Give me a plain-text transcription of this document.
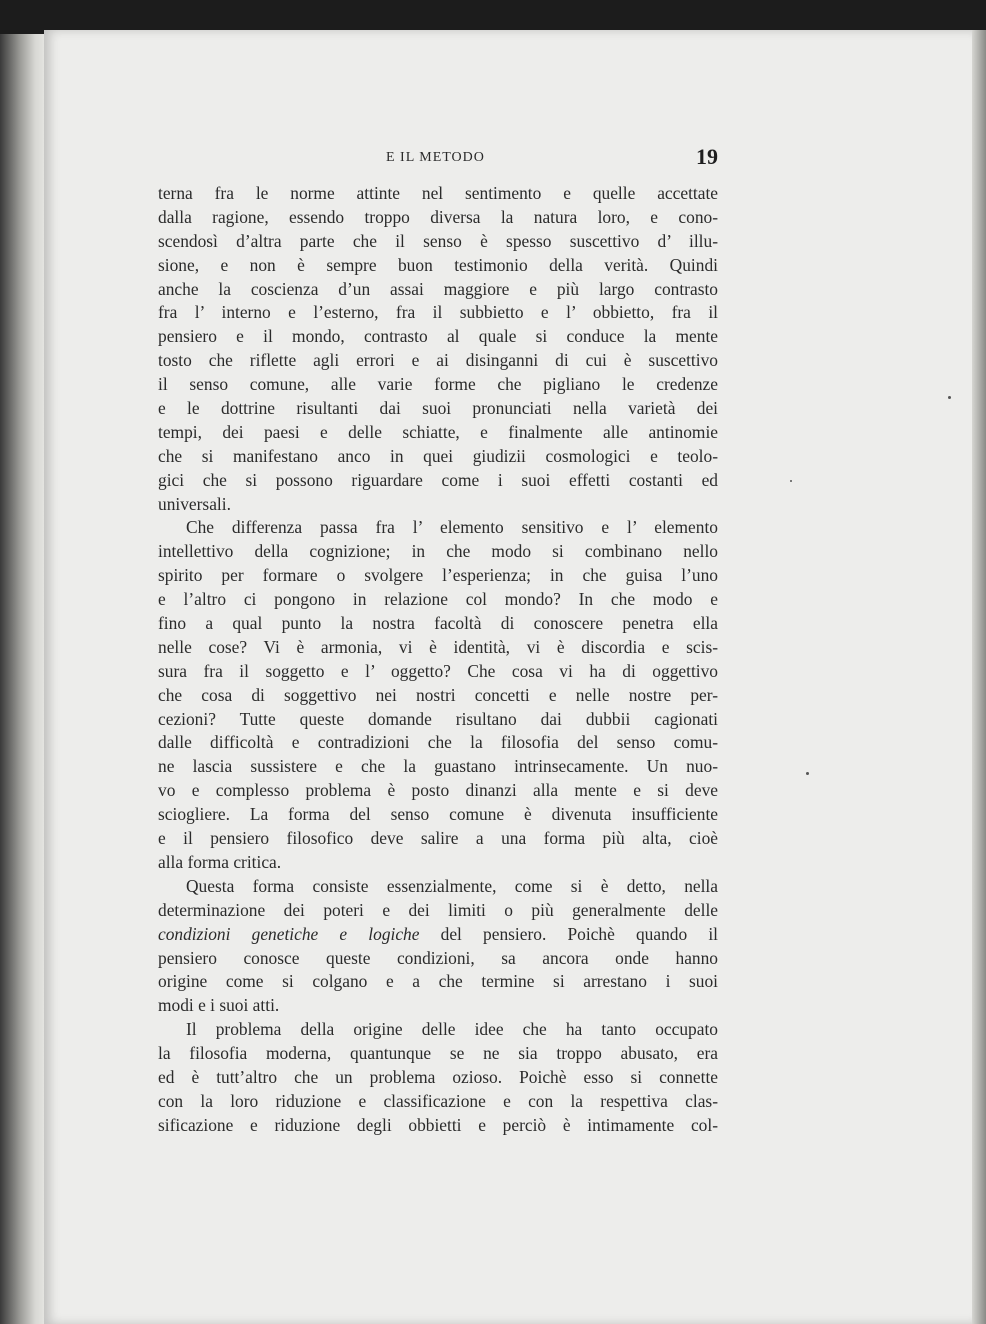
E IL METODO	19
terna fra le norme attinte nel sentimento e quelle accettate
dalla ragione, essendo troppo diversa la natura loro, e cono-
scendosì d’altra parte che il senso è spesso suscettivo d’ illu-
sione, e non è sempre buon testimonio della verità. Quindi
anche la coscienza d’un assai maggiore e più largo contrasto
fra l’ interno e l’esterno, fra il subbietto e l’ obbietto, fra il
pensiero e il mondo, contrasto al quale si conduce la mente
tosto che riflette agli errori e ai disinganni di cui è suscettivo
il senso comune, alle varie forme che pigliano le credenze
e le dottrine risultanti dai suoi pronunciati nella varietà dei
tempi, dei paesi e delle schiatte, e finalmente alle antinomie
che si manifestano anco in quei giudizii cosmologici e teolo-
gici che si possono riguardare come i suoi effetti costanti ed
universali.
Che differenza passa fra l’ elemento sensitivo e l’ elemento
intellettivo della cognizione; in che modo si combinano nello
spirito per formare o svolgere l’esperienza; in che guisa l’uno
e l’altro ci pongono in relazione col mondo? In che modo e
fino a qual punto la nostra facoltà di conoscere penetra ella
nelle cose? Vi è armonia, vi è identità, vi è discordia e scis-
sura fra il soggetto e l’ oggetto? Che cosa vi ha di oggettivo
che cosa di soggettivo nei nostri concetti e nelle nostre per-
cezioni? Tutte queste domande risultano dai dubbii cagionati
dalle difficoltà e contradizioni che la filosofia del senso comu-
ne lascia sussistere e che la guastano intrinsecamente. Un nuo-
vo e complesso problema è posto dinanzi alla mente e si deve
sciogliere. La forma del senso comune è divenuta insufficiente
e il pensiero filosofico deve salire a una forma più alta, cioè
alla forma critica.
Questa forma consiste essenzialmente, come si è detto, nella
determinazione dei poteri e dei limiti o più generalmente delle
condizioni genetiche e logiche del pensiero. Poichè quando il
pensiero conosce queste condizioni, sa ancora onde hanno
origine come si colgano e a che termine si arrestano i suoi
modi e i suoi atti.
Il problema della origine delle idee che ha tanto occupato
la filosofia moderna, quantunque se ne sia troppo abusato, era
ed è tutt’altro che un problema ozioso. Poichè esso si connette
con la loro riduzione e classificazione e con la respettiva clas-
sificazione e riduzione degli obbietti e perciò è intimamente col-
